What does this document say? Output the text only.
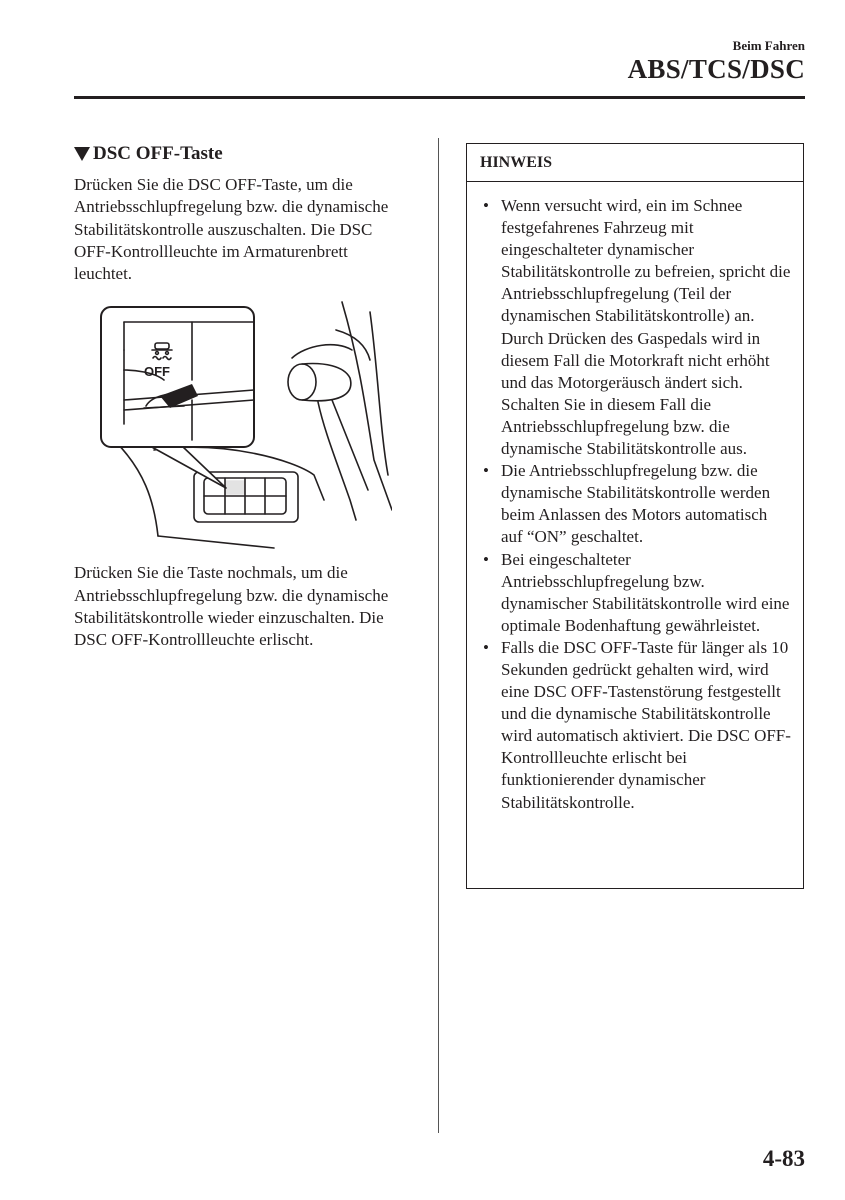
Beim Fahren
ABS/TCS/DSC
DSC OFF-Taste

Drücken Sie die DSC OFF-Taste, um die Antriebsschlupfregelung bzw. die dynamische Stabilitätskontrolle auszuschalten. Die DSC OFF-Kontrollleuchte im Armaturenbrett leuchtet.

OFF

Drücken Sie die Taste nochmals, um die Antriebsschlupfregelung bzw. die dynamische Stabilitätskontrolle wieder einzuschalten. Die DSC OFF-Kontrollleuchte erlischt.

HINWEIS
• Wenn versucht wird, ein im Schnee festgefahrenes Fahrzeug mit eingeschalteter dynamischer Stabilitätskontrolle zu befreien, spricht die Antriebsschlupfregelung (Teil der dynamischen Stabilitätskontrolle) an. Durch Drücken des Gaspedals wird in diesem Fall die Motorkraft nicht erhöht und das Motorgeräusch ändert sich. Schalten Sie in diesem Fall die Antriebsschlupfregelung bzw. die dynamische Stabilitätskontrolle aus.
• Die Antriebsschlupfregelung bzw. die dynamische Stabilitätskontrolle werden beim Anlassen des Motors automatisch auf “ON” geschaltet.
• Bei eingeschalteter Antriebsschlupfregelung bzw. dynamischer Stabilitätskontrolle wird eine optimale Bodenhaftung gewährleistet.
• Falls die DSC OFF-Taste für länger als 10 Sekunden gedrückt gehalten wird, wird eine DSC OFF-Tastenstörung festgestellt und die dynamische Stabilitätskontrolle wird automatisch aktiviert. Die DSC OFF-Kontrollleuchte erlischt bei funktionierender dynamischer Stabilitätskontrolle.
4-83
